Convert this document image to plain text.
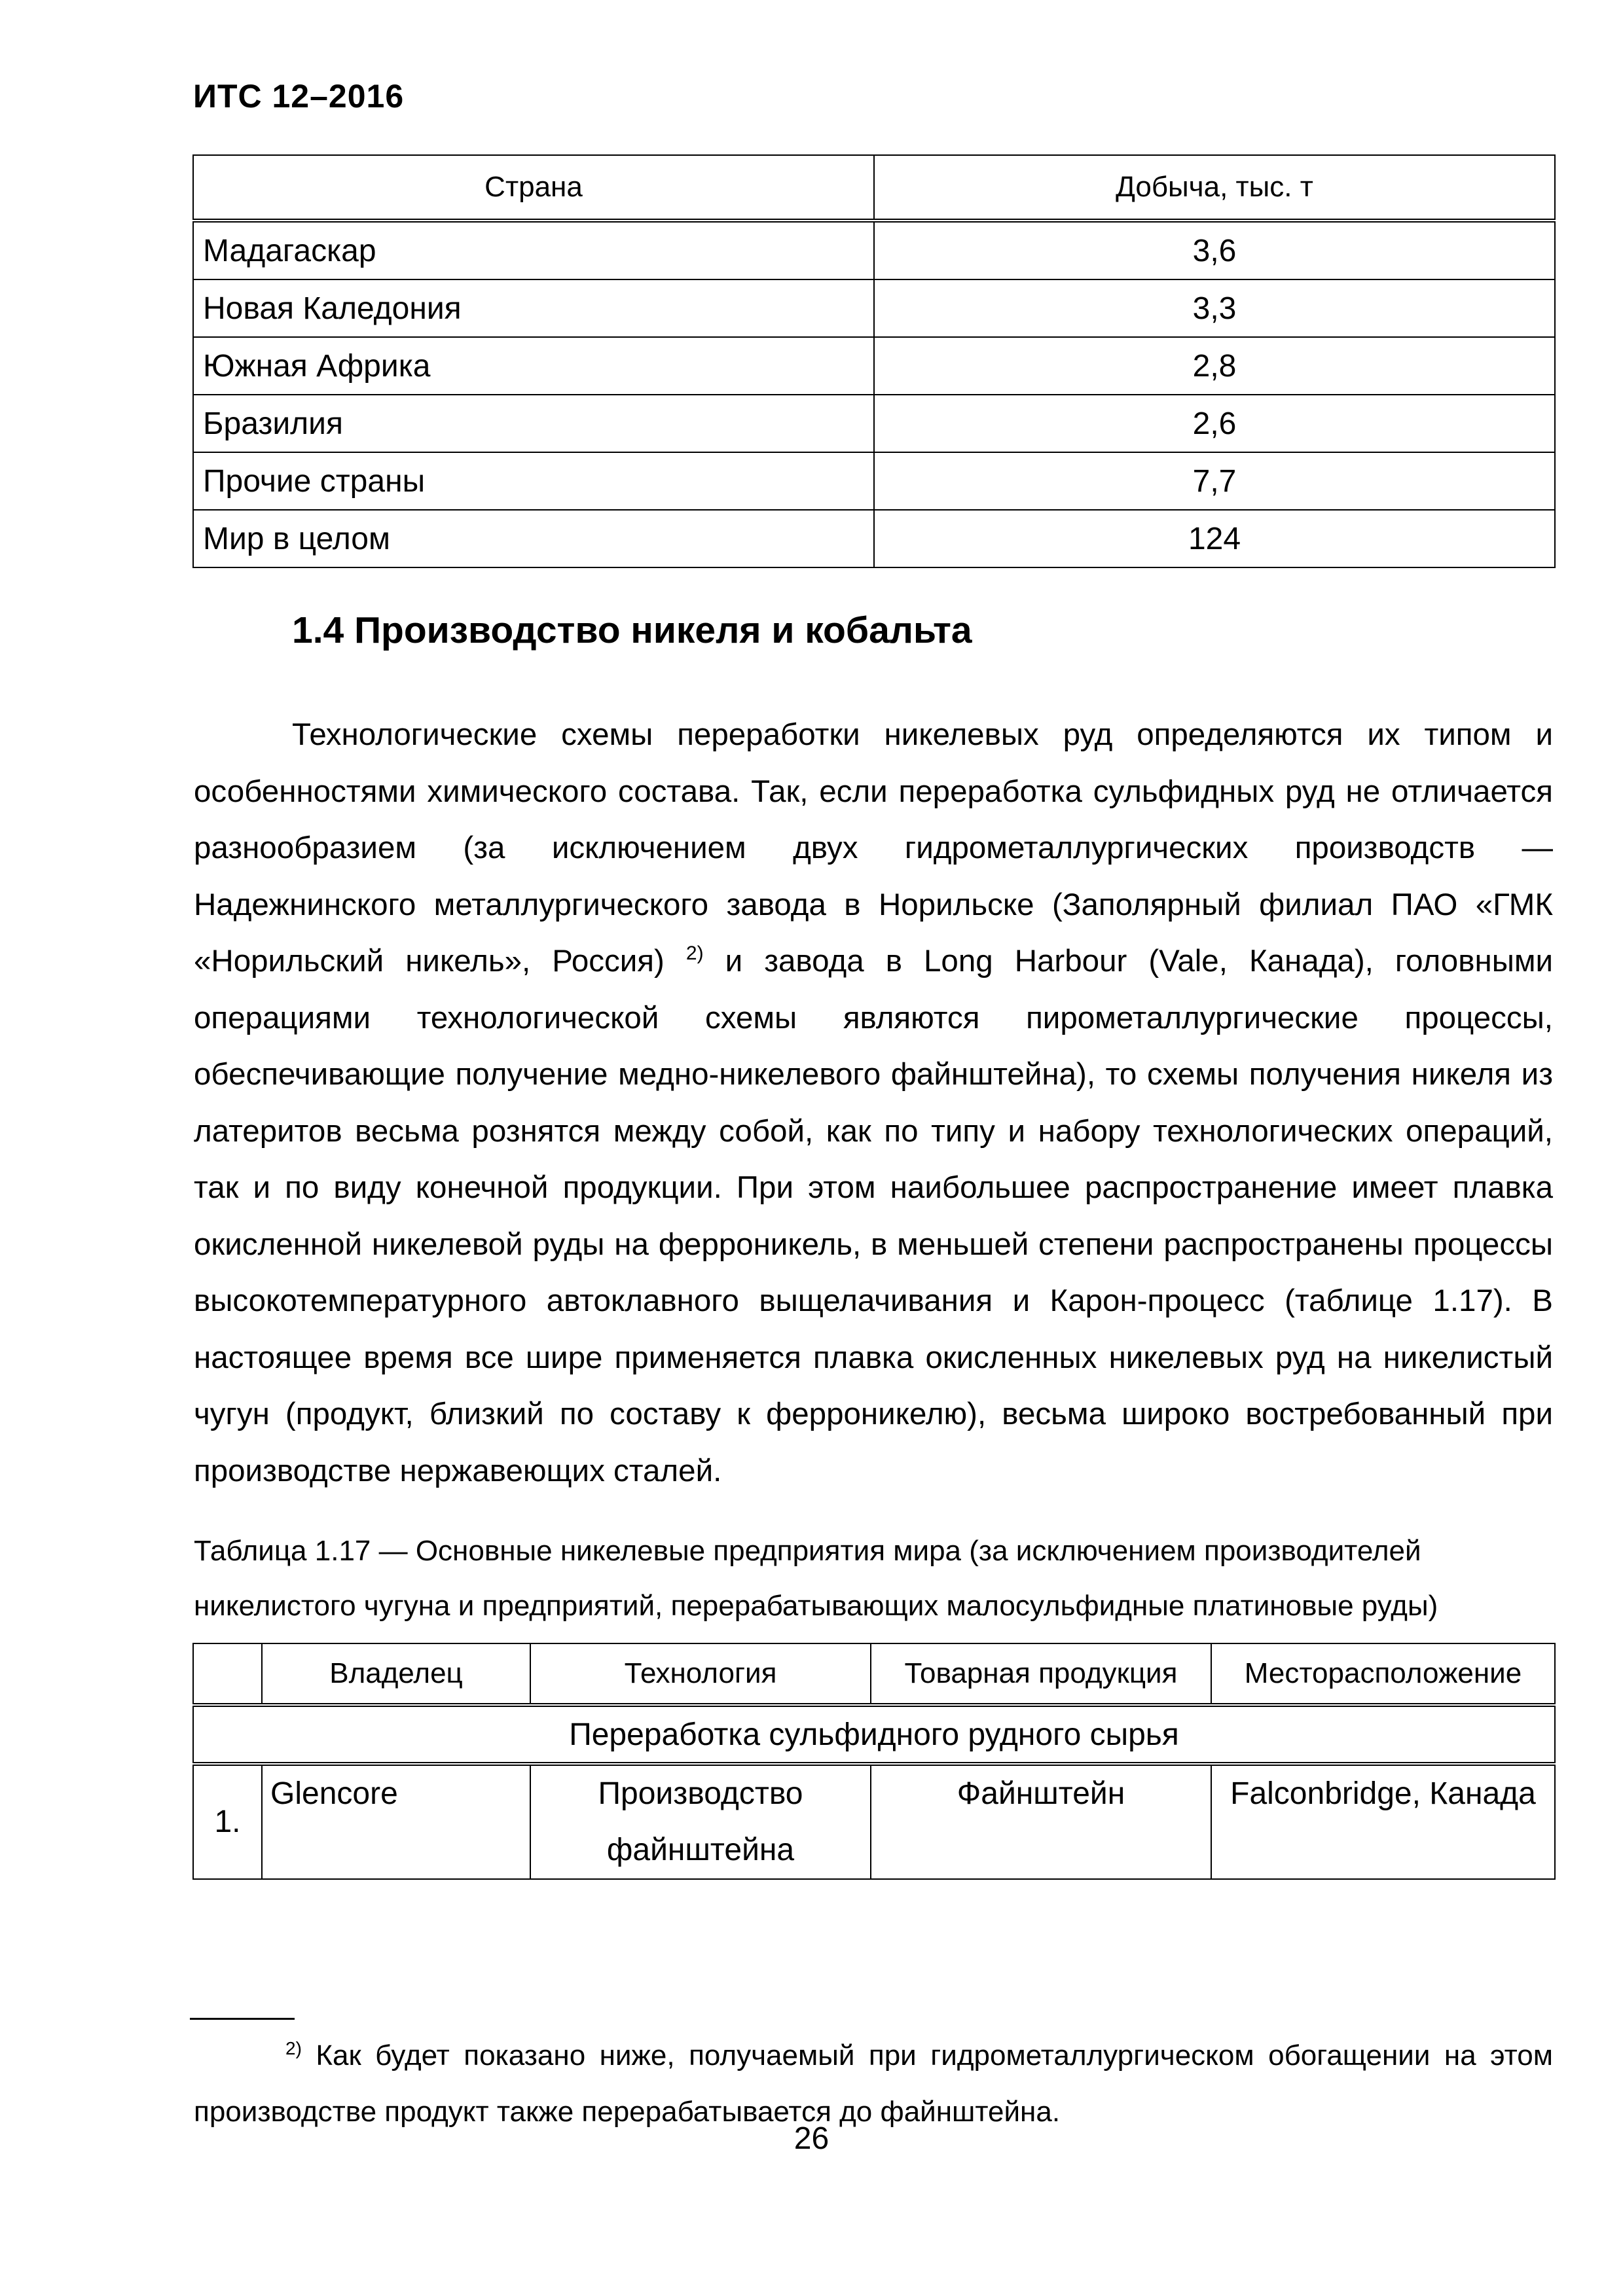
ИТС 12–2016
Страна	Добыча, тыс. т
Мадагаскар	3,6
Новая Каледония	3,3
Южная Африка	2,8
Бразилия	2,6
Прочие страны	7,7
Мир в целом	124
1.4 Производство никеля и кобальта

Технологические схемы переработки никелевых руд определяются их типом и особенностями химического состава. Так, если переработка сульфидных руд не отличается разнообразием (за исключением двух гидрометаллургических производств — Надежнинского металлургического завода в Норильске (Заполярный филиал ПАО «ГМК «Норильский никель», Россия) $^{2)}$ и завода в Long Harbour (Vale, Канада), головными операциями технологической схемы являются пирометаллургические процессы, обеспечивающие получение медно-никелевого файнштейна), то схемы получения никеля из латеритов весьма рознятся между собой, как по типу и набору технологических операций, так и по виду конечной продукции. При этом наибольшее распространение имеет плавка окисленной никелевой руды на ферроникель, в меньшей степени распространены процессы высокотемпературного автоклавного выщелачивания и Карон-процесс (таблице 1.17). В настоящее время все шире применяется плавка окисленных никелевых руд на никелистый чугун (продукт, близкий по составу к ферроникелю), весьма широко востребованный при производстве нержавеющих сталей.

Таблица 1.17 — Основные никелевые предприятия мира (за исключением производителей никелистого чугуна и предприятий, перерабатывающих малосульфидные платиновые руды)
	Владелец	Технология	Товарная продукция	Месторасположение
Переработка сульфидного рудного сырья				
1.	Glencore	Производство файнштейна	Файнштейн	Falconbridge, Канада

$^{2)}$ Как будет показано ниже, получаемый при гидрометаллургическом обогащении на этом производстве продукт также перерабатывается до файнштейна.

26
